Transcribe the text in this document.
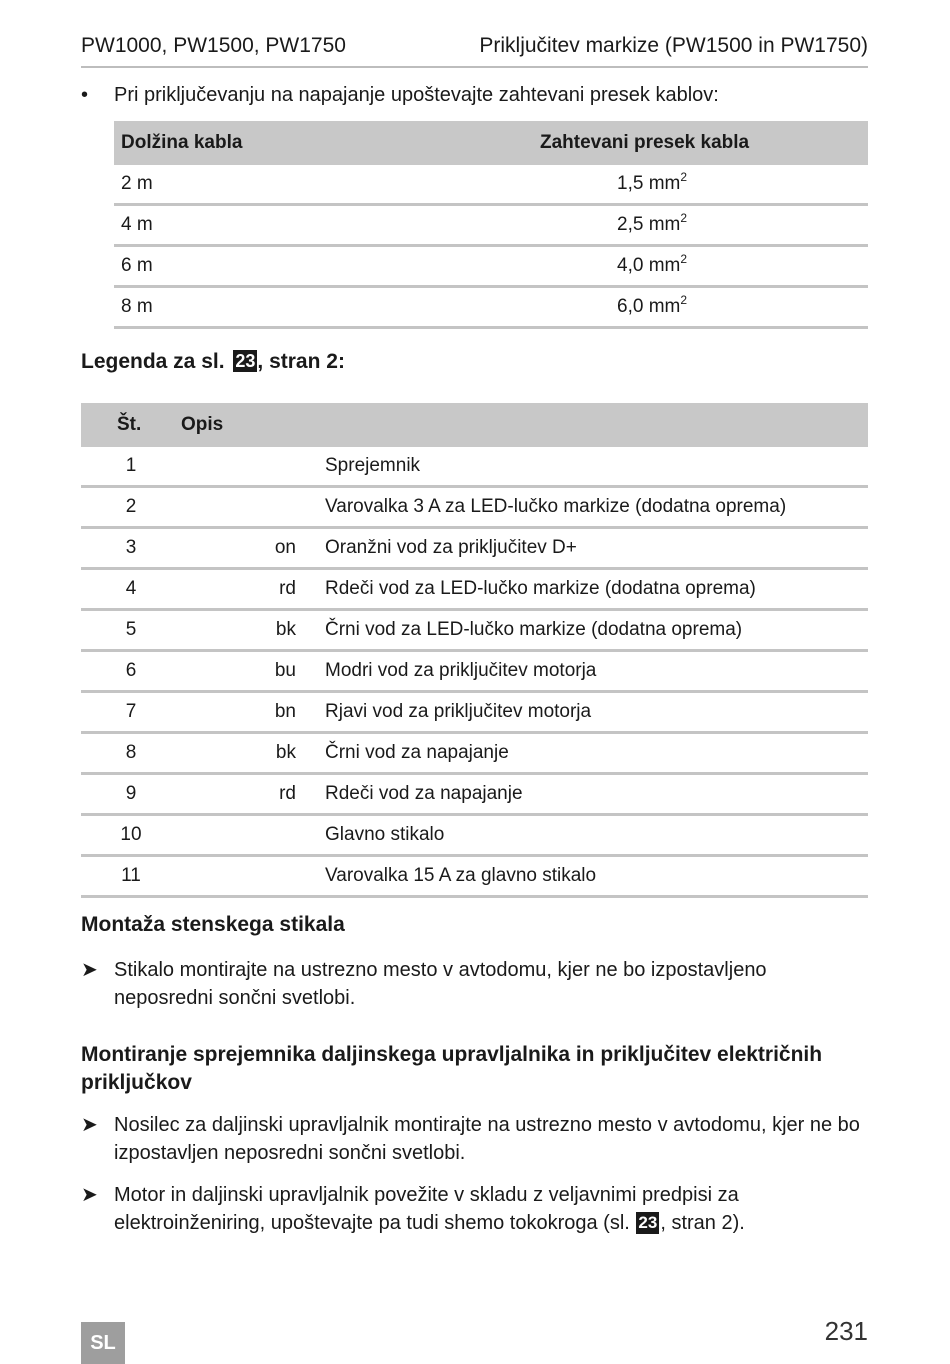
PW1000, PW1500, PW1750	Priključitev markize (PW1500 in PW1750)
• Pri priključevanju na napajanje upoštevajte zahtevani presek kablov:
Dolžina kabla	Zahtevani presek kabla
2 m	1,5 $mm^2$
4 m	2,5 $mm^2$
6 m	4,0 $mm^2$
8 m	6,0 $mm^2$
Legenda za sl. 23, stran 2:
Št.	Opis	
1		Sprejemnik
2		Varovalka 3 A za LED-lučko markize (dodatna oprema)
3	on	Oranžni vod za priključitev D+
4	rd	Rdeči vod za LED-lučko markize (dodatna oprema)
5	bk	Črni vod za LED-lučko markize (dodatna oprema)
6	bu	Modri vod za priključitev motorja
7	bn	Rjavi vod za priključitev motorja
8	bk	Črni vod za napajanje
9	rd	Rdeči vod za napajanje
10		Glavno stikalo
11		Varovalka 15 A za glavno stikalo
Montaža stenskega stikala
➤ Stikalo montirajte na ustrezno mesto v avtodomu, kjer ne bo izpostavljeno neposredni sončni svetlobi.
Montiranje sprejemnika daljinskega upravljalnika in priključitev električnih priključkov
➤ Nosilec za daljinski upravljalnik montirajte na ustrezno mesto v avtodomu, kjer ne bo izpostavljen neposredni sončni svetlobi.
➤ Motor in daljinski upravljalnik povežite v skladu z veljavnimi predpisi za elektroinženiring, upoštevajte pa tudi shemo tokokroga (sl. 23 , stran 2).
SL	231
